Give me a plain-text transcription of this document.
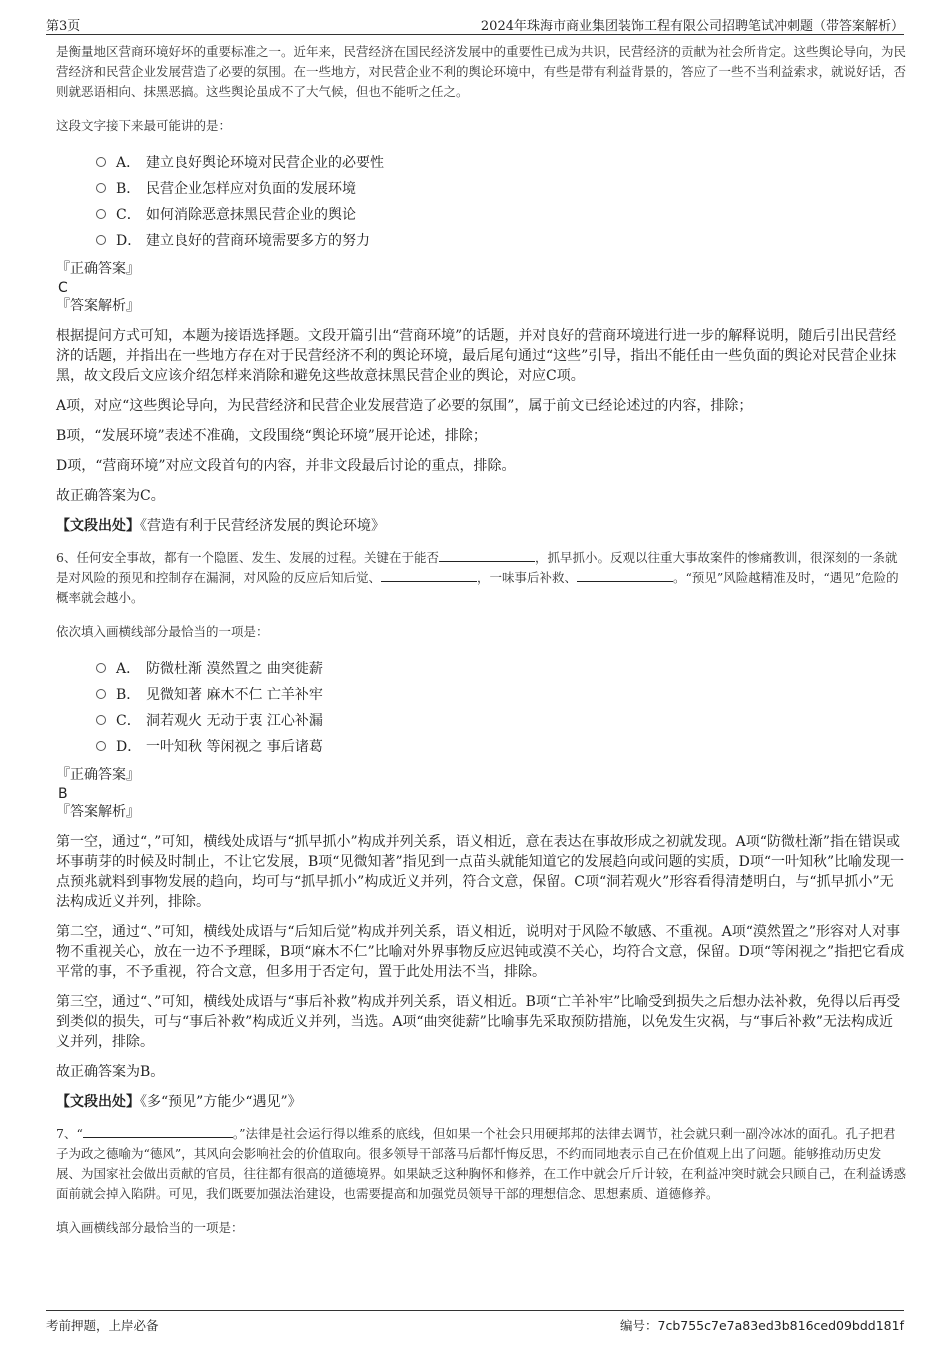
第3页	2024年珠海市商业集团装饰工程有限公司招聘笔试冲刺题（带答案解析）

是衡量地区营商环境好坏的重要标准之一。近年来，民营经济在国民经济发展中的重要性已成为共识，民营经济的贡献为社会所肯定。这些舆论导向，为民营经济和民营企业发展营造了必要的氛围。在一些地方，对民营企业不利的舆论环境中，有些是带有利益背景的，答应了一些不当利益索求，就说好话，否则就恶语相向、抹黑恶搞。这些舆论虽成不了大气候，但也不能听之任之。

这段文字接下来最可能讲的是：

A． 建立良好舆论环境对民营企业的必要性
B． 民营企业怎样应对负面的发展环境
C． 如何消除恶意抹黑民营企业的舆论
D． 建立良好的营商环境需要多方的努力

『正确答案』

C

『答案解析』

根据提问方式可知，本题为接语选择题。文段开篇引出“营商环境”的话题，并对良好的营商环境进行进一步的解释说明，随后引出民营经济的话题，并指出在一些地方存在对于民营经济不利的舆论环境，最后尾句通过“这些”引导，指出不能任由一些负面的舆论对民营企业抹黑，故文段后文应该介绍怎样来消除和避免这些故意抹黑民营企业的舆论，对应C项。

A项，对应“这些舆论导向，为民营经济和民营企业发展营造了必要的氛围”，属于前文已经论述过的内容，排除；

B项，“发展环境”表述不准确，文段围绕“舆论环境”展开论述，排除；

D项，“营商环境”对应文段首句的内容，并非文段最后讨论的重点，排除。

故正确答案为C。

【文段出处】《营造有利于民营经济发展的舆论环境》

6、任何安全事故，都有一个隐匿、发生、发展的过程。关键在于能否	，抓早抓小。反观以往重大事故案件的惨痛教训，很深刻的一条就是对风险的预见和控制存在漏洞，对风险的反应后知后觉、	，一味事后补救、	。“预见”风险越精准及时，“遇见”危险的概率就会越小。

依次填入画横线部分最恰当的一项是：

A． 防微杜渐 漠然置之 曲突徙薪
B． 见微知著 麻木不仁 亡羊补牢
C． 洞若观火 无动于衷 江心补漏
D． 一叶知秋 等闲视之 事后诸葛

『正确答案』

B

『答案解析』

第一空，通过“，”可知，横线处成语与“抓早抓小”构成并列关系，语义相近，意在表达在事故形成之初就发现。A项“防微杜渐”指在错误或坏事萌芽的时候及时制止，不让它发展，B项“见微知著”指见到一点苗头就能知道它的发展趋向或问题的实质，D项“一叶知秋”比喻发现一点预兆就料到事物发展的趋向，均可与“抓早抓小”构成近义并列，符合文意，保留。C项“洞若观火”形容看得清楚明白，与“抓早抓小”无法构成近义并列，排除。

第二空，通过“、”可知，横线处成语与“后知后觉”构成并列关系，语义相近，说明对于风险不敏感、不重视。A项“漠然置之”形容对人对事物不重视关心，放在一边不予理睬，B项“麻木不仁”比喻对外界事物反应迟钝或漠不关心，均符合文意，保留。D项“等闲视之”指把它看成平常的事，不予重视，符合文意，但多用于否定句，置于此处用法不当，排除。

第三空，通过“、”可知，横线处成语与“事后补救”构成并列关系，语义相近。B项“亡羊补牢”比喻受到损失之后想办法补救，免得以后再受到类似的损失，可与“事后补救”构成近义并列，当选。A项“曲突徙薪”比喻事先采取预防措施，以免发生灾祸，与“事后补救”无法构成近义并列，排除。

故正确答案为B。

【文段出处】《多“预见”方能少“遇见”》

7、“	。”法律是社会运行得以维系的底线，但如果一个社会只用硬邦邦的法律去调节，社会就只剩一副冷冰冰的面孔。孔子把君子为政之德喻为“德风”，其风向会影响社会的价值取向。很多领导干部落马后都忏悔反思，不约而同地表示自己在价值观上出了问题。能够推动历史发展、为国家社会做出贡献的官员，往往都有很高的道德境界。如果缺乏这种胸怀和修养，在工作中就会斤斤计较，在利益冲突时就会只顾自己，在利益诱惑面前就会掉入陷阱。可见，我们既要加强法治建设，也需要提高和加强党员领导干部的理想信念、思想素质、道德修养。

填入画横线部分最恰当的一项是：

考前押题，上岸必备	编号：7cb755c7e7a83ed3b816ced09bdd181f
